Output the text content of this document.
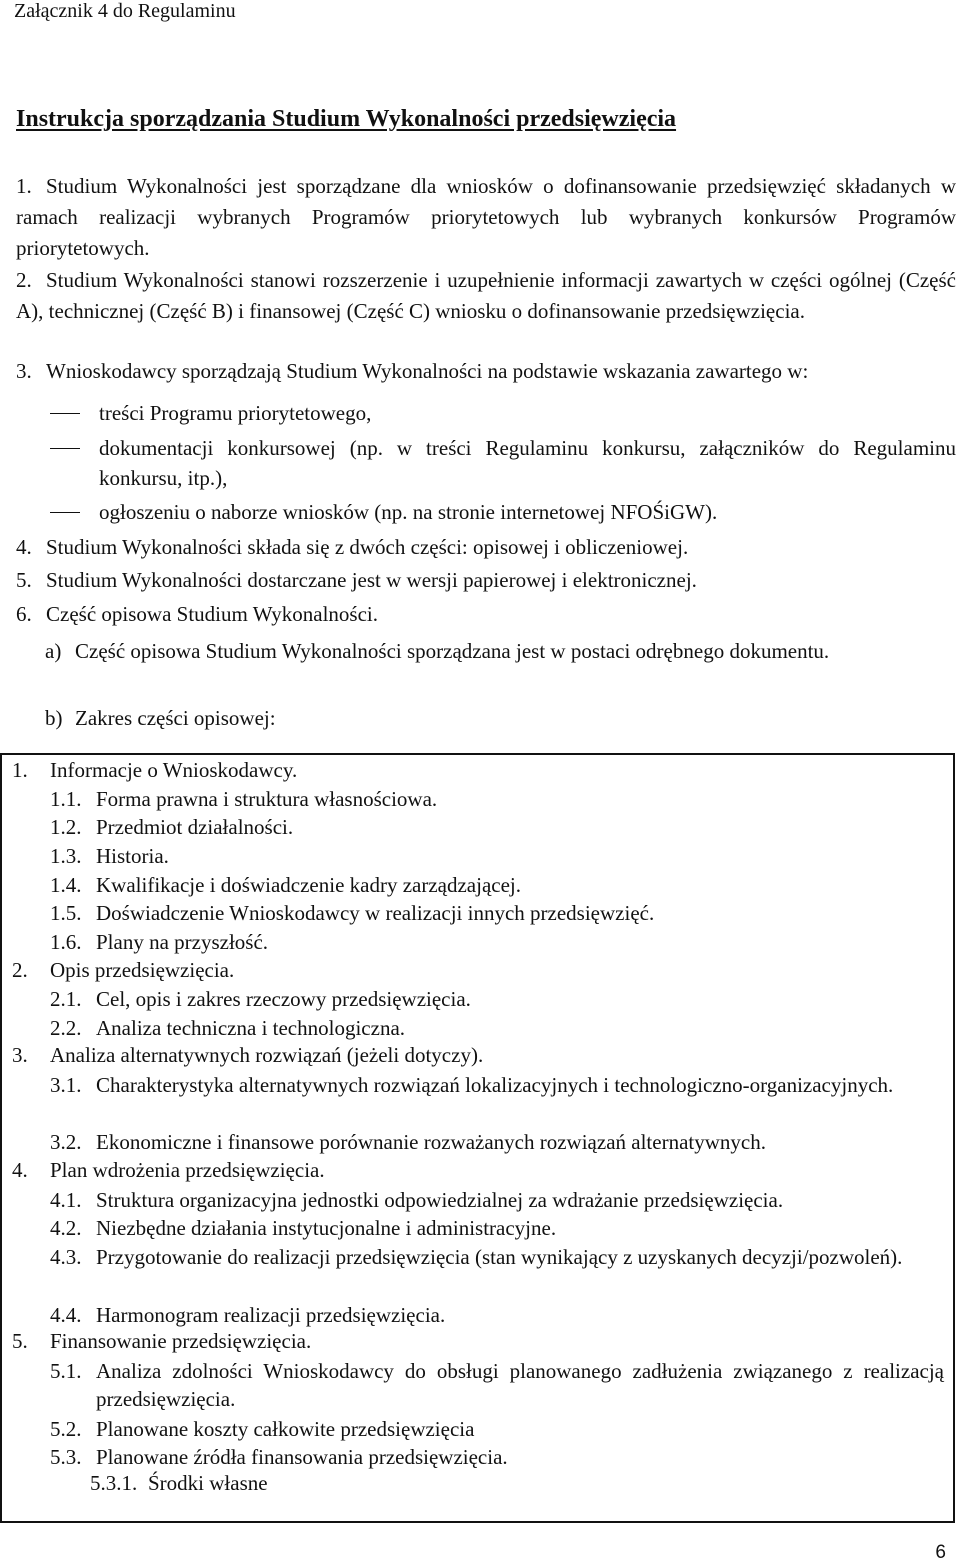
Załącznik 4 do Regulaminu
Instrukcja sporządzania Studium Wykonalności przedsięwzięcia
1. Studium Wykonalności jest sporządzane dla wniosków o dofinansowanie przedsięwzięć składanych w ramach realizacji wybranych Programów priorytetowych lub wybranych konkursów Programów priorytetowych.
2. Studium Wykonalności stanowi rozszerzenie i uzupełnienie informacji zawartych w części ogólnej (Część A), technicznej (Część B) i finansowej (Część C) wniosku o dofinansowanie przedsięwzięcia.
3. Wnioskodawcy sporządzają Studium Wykonalności na podstawie wskazania zawartego w:
treści Programu priorytetowego,
dokumentacji konkursowej (np. w treści Regulaminu konkursu, załączników do Regulaminu konkursu, itp.),
ogłoszeniu o naborze wniosków (np. na stronie internetowej NFOŚiGW).
4. Studium Wykonalności składa się z dwóch części: opisowej i obliczeniowej.
5. Studium Wykonalności dostarczane jest w wersji papierowej i elektronicznej.
6. Część opisowa Studium Wykonalności.
a) Część opisowa Studium Wykonalności sporządzana jest w postaci odrębnego dokumentu.
b) Zakres części opisowej:
1. Informacje o Wnioskodawcy.
1.1. Forma prawna i struktura własnościowa.
1.2. Przedmiot działalności.
1.3. Historia.
1.4. Kwalifikacje i doświadczenie kadry zarządzającej.
1.5. Doświadczenie Wnioskodawcy w realizacji innych przedsięwzięć.
1.6. Plany na przyszłość.
2. Opis przedsięwzięcia.
2.1. Cel, opis i zakres rzeczowy przedsięwzięcia.
2.2. Analiza techniczna i technologiczna.
3. Analiza alternatywnych rozwiązań (jeżeli dotyczy).
3.1. Charakterystyka alternatywnych rozwiązań lokalizacyjnych i technologiczno-organizacyjnych.
3.2. Ekonomiczne i finansowe porównanie rozważanych rozwiązań alternatywnych.
4. Plan wdrożenia przedsięwzięcia.
4.1. Struktura organizacyjna jednostki odpowiedzialnej za wdrażanie przedsięwzięcia.
4.2. Niezbędne działania instytucjonalne i administracyjne.
4.3. Przygotowanie do realizacji przedsięwzięcia (stan wynikający z uzyskanych decyzji/pozwoleń).
4.4. Harmonogram realizacji przedsięwzięcia.
5. Finansowanie przedsięwzięcia.
5.1. Analiza zdolności Wnioskodawcy do obsługi planowanego zadłużenia związanego z realizacją przedsięwzięcia.
5.2. Planowane koszty całkowite przedsięwzięcia
5.3. Planowane źródła finansowania przedsięwzięcia.
5.3.1. Środki własne
6
